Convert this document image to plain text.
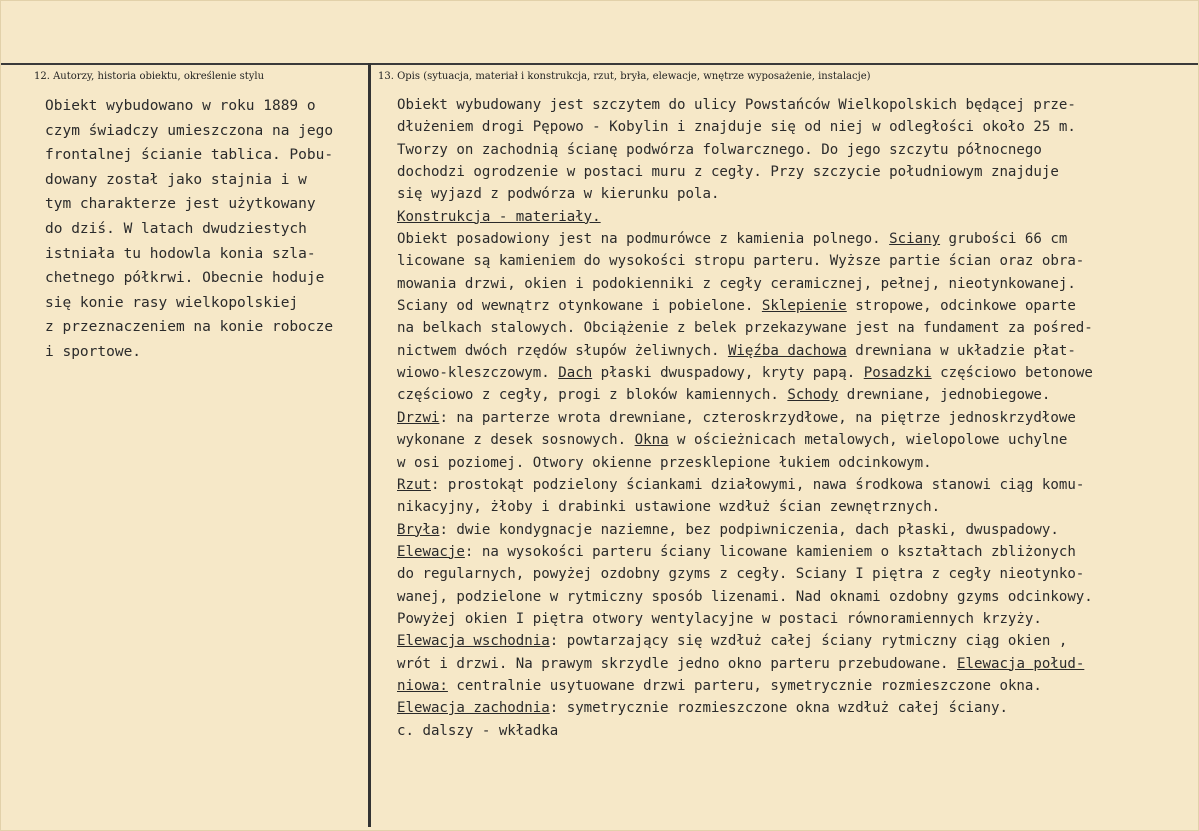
12. Autorzy, historia obiektu, określenie stylu	13. Opis (sytuacja, materiał i konstrukcja, rzut, bryła, elewacje, wnętrze wyposażenie, instalacje)
Obiekt wybudowano w roku 1889 o
czym świadczy umieszczona na jego
frontalnej ścianie tablica. Pobu-
dowany został jako stajnia i w
tym charakterze jest użytkowany
do dziś. W latach dwudziestych
istniała tu hodowla konia szla-
chetnego półkrwi. Obecnie hoduje
się konie rasy wielkopolskiej
z przeznaczeniem na konie robocze
i sportowe.
Obiekt wybudowany jest szczytem do ulicy Powstańców Wielkopolskich będącej prze-
dłużeniem drogi Pępowo - Kobylin i znajduje się od niej w odległości około 25 m.
Tworzy on zachodnią ścianę podwórza folwarcznego. Do jego szczytu północnego
dochodzi ogrodzenie w postaci muru z cegły. Przy szczycie południowym znajduje
się wyjazd z podwórza w kierunku pola.
Konstrukcja - materiały.
Obiekt posadowiony jest na podmurówce z kamienia polnego. Sciany grubości 66 cm
licowane są kamieniem do wysokości stropu parteru. Wyższe partie ścian oraz obra-
mowania drzwi, okien i podokienniki z cegły ceramicznej, pełnej, nieotynkowanej.
Sciany od wewnątrz otynkowane i pobielone. Sklepienie stropowe, odcinkowe oparte
na belkach stalowych. Obciążenie z belek przekazywane jest na fundament za pośred-
nictwem dwóch rzędów słupów żeliwnych. Więźba dachowa drewniana w układzie płat-
wiowo-kleszczowym. Dach płaski dwuspadowy, kryty papą. Posadzki częściowo betonowe
częściowo z cegły, progi z bloków kamiennych. Schody drewniane, jednobiegowe.
Drzwi: na parterze wrota drewniane, czteroskrzydłowe, na piętrze jednoskrzydłowe
wykonane z desek sosnowych. Okna w ościeżnicach metalowych, wielopolowe uchylne
w osi poziomej. Otwory okienne przesklepione łukiem odcinkowym.
Rzut: prostokąt podzielony ściankami działowymi, nawa środkowa stanowi ciąg komu-
nikacyjny, żłoby i drabinki ustawione wzdłuż ścian zewnętrznych.
Bryła: dwie kondygnacje naziemne, bez podpiwniczenia, dach płaski, dwuspadowy.
Elewacje: na wysokości parteru ściany licowane kamieniem o kształtach zbliżonych
do regularnych, powyżej ozdobny gzyms z cegły. Sciany I piętra z cegły nieotynko-
wanej, podzielone w rytmiczny sposób lizenami. Nad oknami ozdobny gzyms odcinkowy.
Powyżej okien I piętra otwory wentylacyjne w postaci równoramiennych krzyży.
Elewacja wschodnia: powtarzający się wzdłuż całej ściany rytmiczny ciąg okien ,
wrót i drzwi. Na prawym skrzydle jedno okno parteru przebudowane. Elewacja połud-
niowa: centralnie usytuowane drzwi parteru, symetrycznie rozmieszczone okna.
Elewacja zachodnia: symetrycznie rozmieszczone okna wzdłuż całej ściany.
c. dalszy - wkładka
